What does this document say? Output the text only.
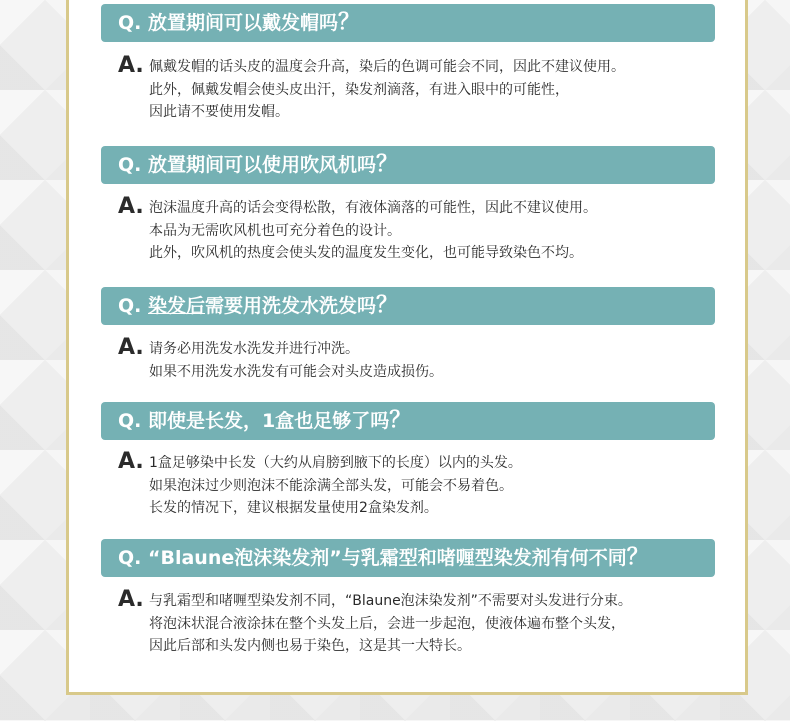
Q. 放置期间可以戴发帽吗？
A. 佩戴发帽的话头皮的温度会升高，染后的色调可能会不同，因此不建议使用。
此外，佩戴发帽会使头皮出汗，染发剂滴落，有进入眼中的可能性，
因此请不要使用发帽。
Q. 放置期间可以使用吹风机吗？
A. 泡沫温度升高的话会变得松散，有液体滴落的可能性，因此不建议使用。
本品为无需吹风机也可充分着色的设计。
此外，吹风机的热度会使头发的温度发生变化，也可能导致染色不均。
Q. 染发后需要用洗发水洗发吗？
A. 请务必用洗发水洗发并进行冲洗。
如果不用洗发水洗发有可能会对头皮造成损伤。
Q. 即使是长发，1盒也足够了吗？
A. 1盒足够染中长发（大约从肩膀到腋下的长度）以内的头发。
如果泡沫过少则泡沫不能涂满全部头发，可能会不易着色。
长发的情况下，建议根据发量使用2盒染发剂。
Q. “Blaune泡沫染发剂”与乳霜型和啫喱型染发剂有何不同？
A. 与乳霜型和啫喱型染发剂不同，“Blaune泡沫染发剂”不需要对头发进行分束。
将泡沫状混合液涂抹在整个头发上后，会进一步起泡，使液体遍布整个头发，
因此后部和头发内侧也易于染色，这是其一大特长。
